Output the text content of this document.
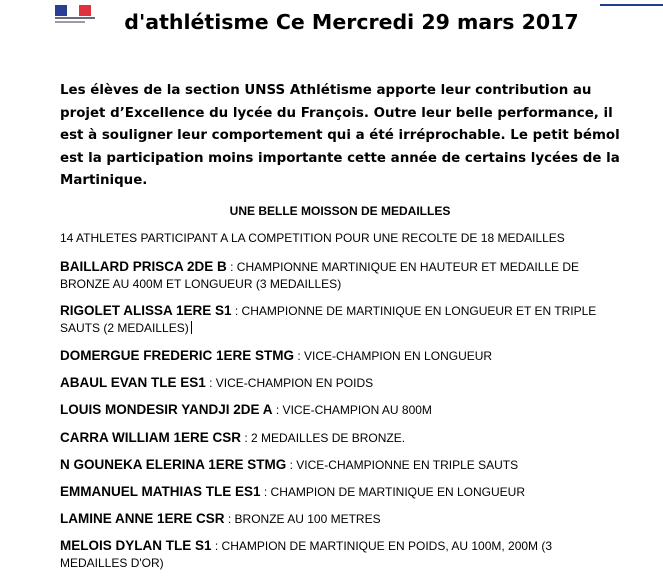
d'athlétisme Ce Mercredi 29 mars 2017

Les élèves de la section UNSS Athlétisme apporte leur contribution au projet d’Excellence du lycée du François. Outre leur belle performance, il est à souligner leur comportement qui a été irréprochable. Le petit bémol est la participation moins importante cette année de certains lycées de la Martinique.

UNE BELLE MOISSON DE MEDAILLES

14 ATHLETES PARTICIPANT A LA COMPETITION POUR UNE RECOLTE DE 18 MEDAILLES

BAILLARD PRISCA 2DE B : CHAMPIONNE MARTINIQUE EN HAUTEUR ET MEDAILLE DE BRONZE AU 400M ET LONGUEUR (3 MEDAILLES)
RIGOLET ALISSA 1ERE S1 : CHAMPIONNE DE MARTINIQUE EN LONGUEUR ET EN TRIPLE SAUTS (2 MEDAILLES)
DOMERGUE FREDERIC 1ERE STMG : VICE-CHAMPION EN LONGUEUR
ABAUL EVAN TLE ES1 : VICE-CHAMPION EN POIDS
LOUIS MONDESIR YANDJI 2DE A : VICE-CHAMPION AU 800M
CARRA WILLIAM 1ERE CSR : 2 MEDAILLES DE BRONZE.
N GOUNEKA ELERINA 1ERE STMG : VICE-CHAMPIONNE EN TRIPLE SAUTS
EMMANUEL MATHIAS TLE ES1 : CHAMPION DE MARTINIQUE EN LONGUEUR
LAMINE ANNE 1ERE CSR : BRONZE AU 100 METRES
MELOIS DYLAN TLE S1 : CHAMPION DE MARTINIQUE EN POIDS, AU 100M, 200M (3 MEDAILLES D'OR)
